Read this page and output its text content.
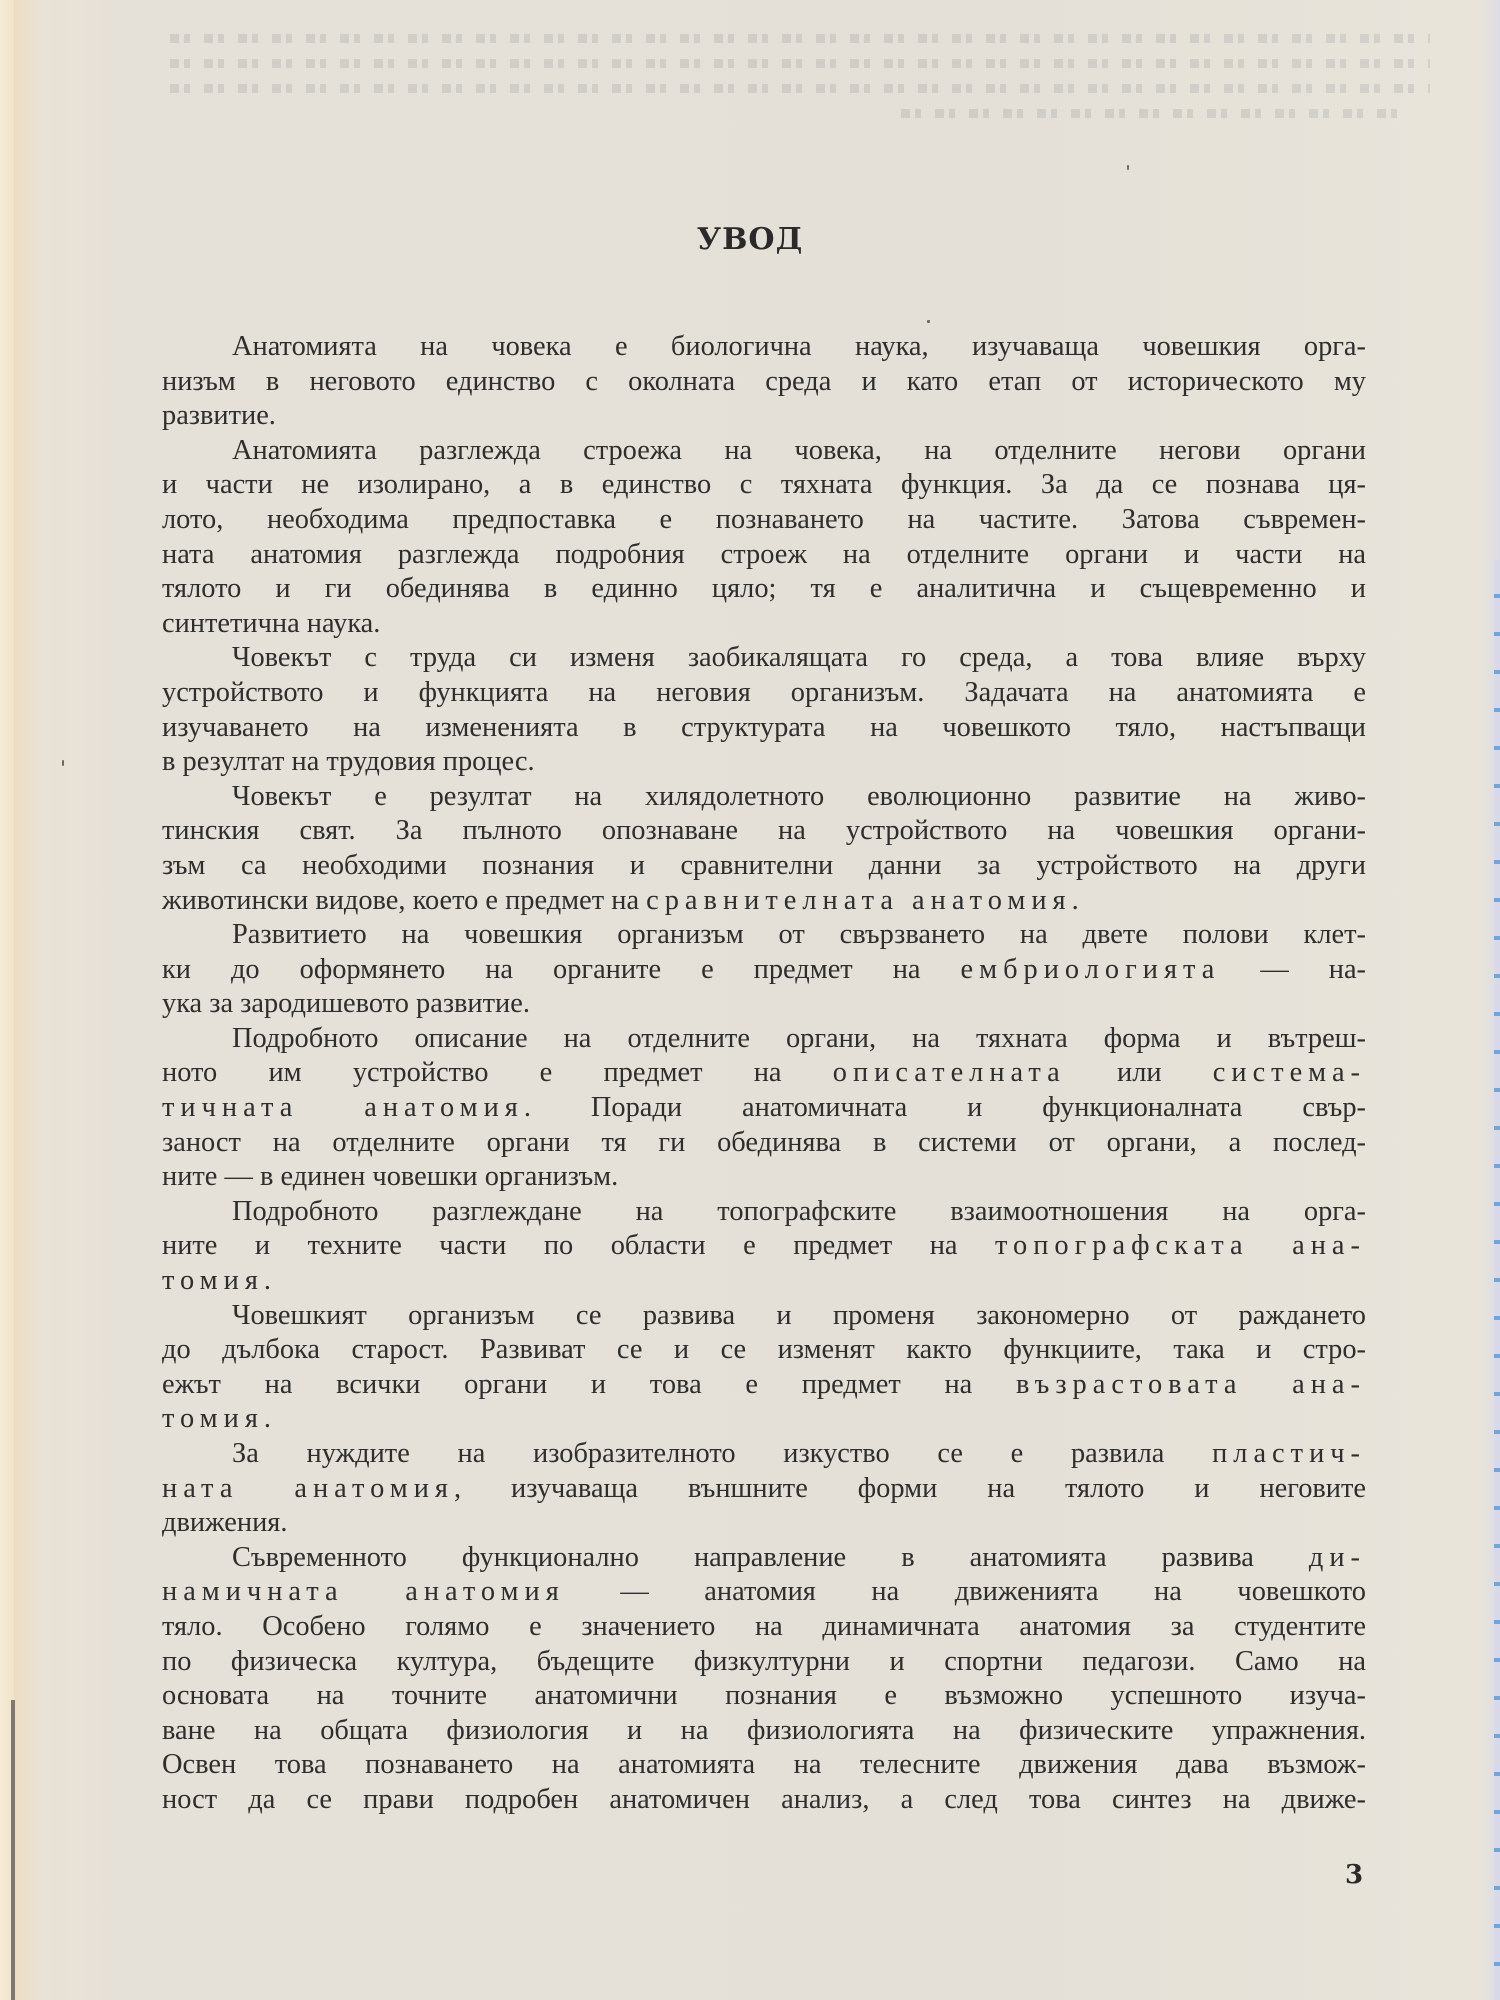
УВОД
Анатомията на човека е биологична наука, изучаваща човешкия орга-
низъм в неговото единство с околната среда и като етап от историческото му
развитие.
Анатомията разглежда строежа на човека, на отделните негови органи
и части не изолирано, а в единство с тяхната функция. За да се познава ця-
лото, необходима предпоставка е познаването на частите. Затова съвремен-
ната анатомия разглежда подробния строеж на отделните органи и части на
тялото и ги обединява в единно цяло; тя е аналитична и същевременно и
синтетична наука.
Човекът с труда си изменя заобикалящата го среда, а това влияе върху
устройството и функцията на неговия организъм. Задачата на анатомията е
изучаването на измененията в структурата на човешкото тяло, настъпващи
в резултат на трудовия процес.
Човекът е резултат на хилядолетното еволюционно развитие на живо-
тинския свят. За пълното опознаване на устройството на човешкия органи-
зъм са необходими познания и сравнителни данни за устройството на други
животински видове, което е предмет на сравнителната анатомия.
Развитието на човешкия организъм от свързването на двете полови клет-
ки до оформянето на органите е предмет на ембриологията — на-
ука за зародишевото развитие.
Подробното описание на отделните органи, на тяхната форма и вътреш-
ното им устройство е предмет на описателната или система-
тичната анатомия. Поради анатомичната и функционалната свър-
заност на отделните органи тя ги обединява в системи от органи, а послед-
ните — в единен човешки организъм.
Подробното разглеждане на топографските взаимоотношения на орга-
ните и техните части по области е предмет на топографската ана-
томия.
Човешкият организъм се развива и променя закономерно от раждането
до дълбока старост. Развиват се и се изменят както функциите, така и стро-
ежът на всички органи и това е предмет на възрастовата ана-
томия.
За нуждите на изобразителното изкуство се е развила пластич-
ната анатомия, изучаваща външните форми на тялото и неговите
движения.
Съвременното функционално направление в анатомията развива ди-
намичната анатомия — анатомия на движенията на човешкото
тяло. Особено голямо е значението на динамичната анатомия за студентите
по физическа култура, бъдещите физкултурни и спортни педагози. Само на
основата на точните анатомични познания е възможно успешното изуча-
ване на общата физиология и на физиологията на физическите упражнения.
Освен това познаването на анатомията на телесните движения дава възмож-
ност да се прави подробен анатомичен анализ, а след това синтез на движе-
3
